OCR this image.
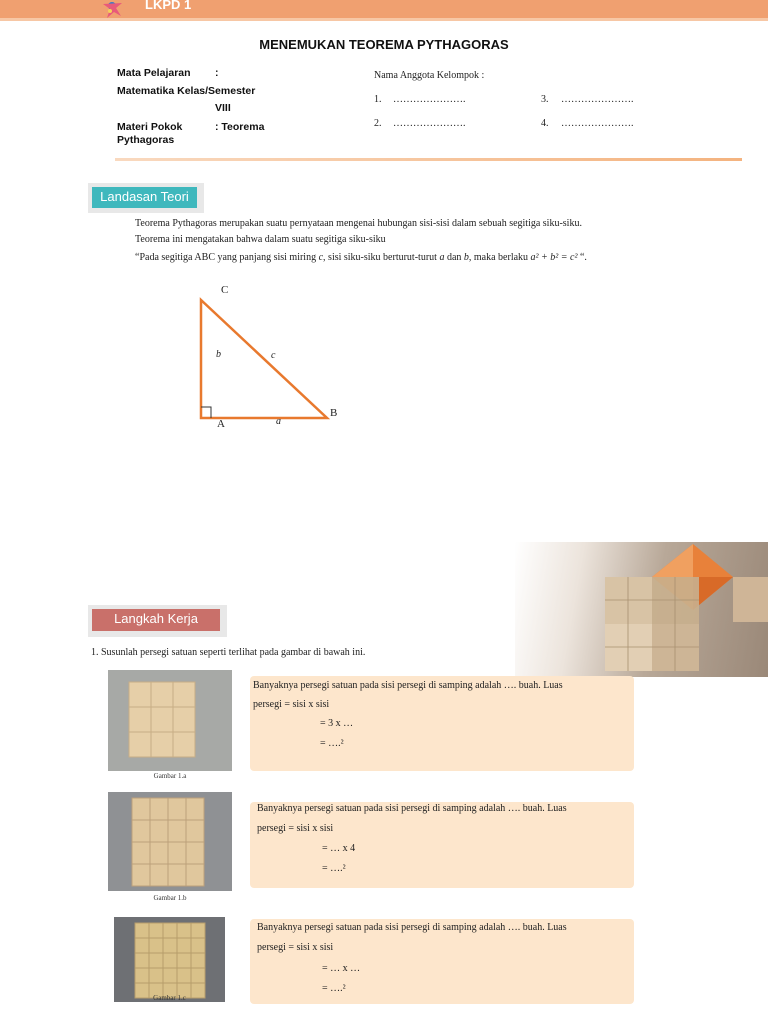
LKPD 1
MENEMUKAN TEOREMA PYTHAGORAS
Mata Pelajaran :
Matematika Kelas/Semester
VIII
Materi Pokok	: Teorema
Pythagoras
Nama Anggota Kelompok :
1. ………………….
2. ………………….
3. ………………….
4. ………………….
Landasan Teori
Teorema Pythagoras merupakan suatu pernyataan mengenai hubungan sisi-sisi dalam sebuah segitiga siku-siku.
Teorema ini mengatakan bahwa dalam suatu segitiga siku-siku
“Pada segitiga ABC yang panjang sisi miring c, sisi siku-siku berturut-turut a dan b, maka berlaku a² + b² = c² “.
C
A
B
b	c
a
Langkah Kerja
1. Susunlah persegi satuan seperti terlihat pada gambar di bawah ini.
Gambar 1.a
Banyaknya persegi satuan pada sisi persegi di samping adalah …. buah. Luas
persegi = sisi x sisi
= 3 x …
= ….²
Gambar 1.b
Banyaknya persegi satuan pada sisi persegi di samping adalah …. buah. Luas
persegi = sisi x sisi
= … x 4
= ….²
Gambar 1.c
Banyaknya persegi satuan pada sisi persegi di samping adalah …. buah. Luas
persegi = sisi x sisi
= … x …
= ….²
